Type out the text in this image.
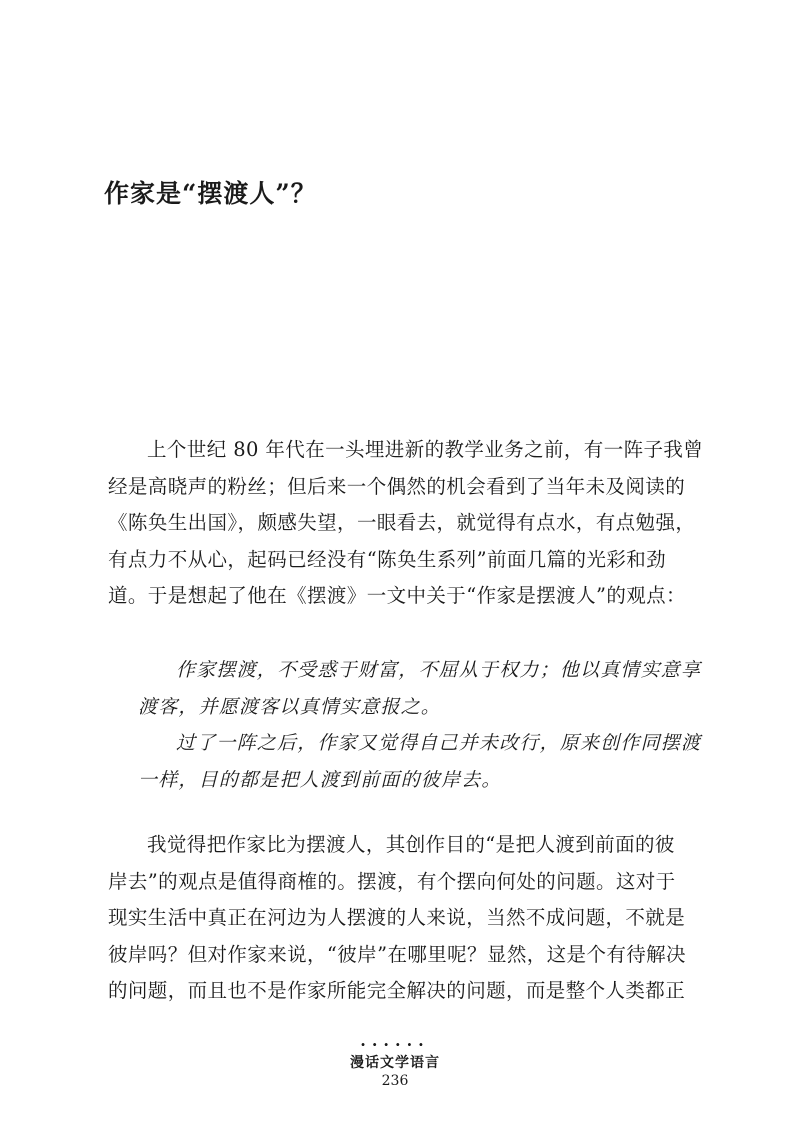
作家是“摆渡人”？
上个世纪 80 年代在一头埋进新的教学业务之前，有一阵子我曾
经是高晓声的粉丝；但后来一个偶然的机会看到了当年未及阅读的
《陈奂生出国》，颇感失望，一眼看去，就觉得有点水，有点勉强，
有点力不从心，起码已经没有“陈奂生系列”前面几篇的光彩和劲
道。于是想起了他在《摆渡》一文中关于“作家是摆渡人”的观点：
作家摆渡，不受惑于财富，不屈从于权力；他以真情实意享
渡客，并愿渡客以真情实意报之。
过了一阵之后，作家又觉得自己并未改行，原来创作同摆渡
一样，目的都是把人渡到前面的彼岸去。
我觉得把作家比为摆渡人，其创作目的“是把人渡到前面的彼
岸去”的观点是值得商榷的。摆渡，有个摆向何处的问题。这对于
现实生活中真正在河边为人摆渡的人来说，当然不成问题，不就是
彼岸吗？但对作家来说，“彼岸”在哪里呢？显然，这是个有待解决
的问题，而且也不是作家所能完全解决的问题，而是整个人类都正
······
漫话文学语言
236
